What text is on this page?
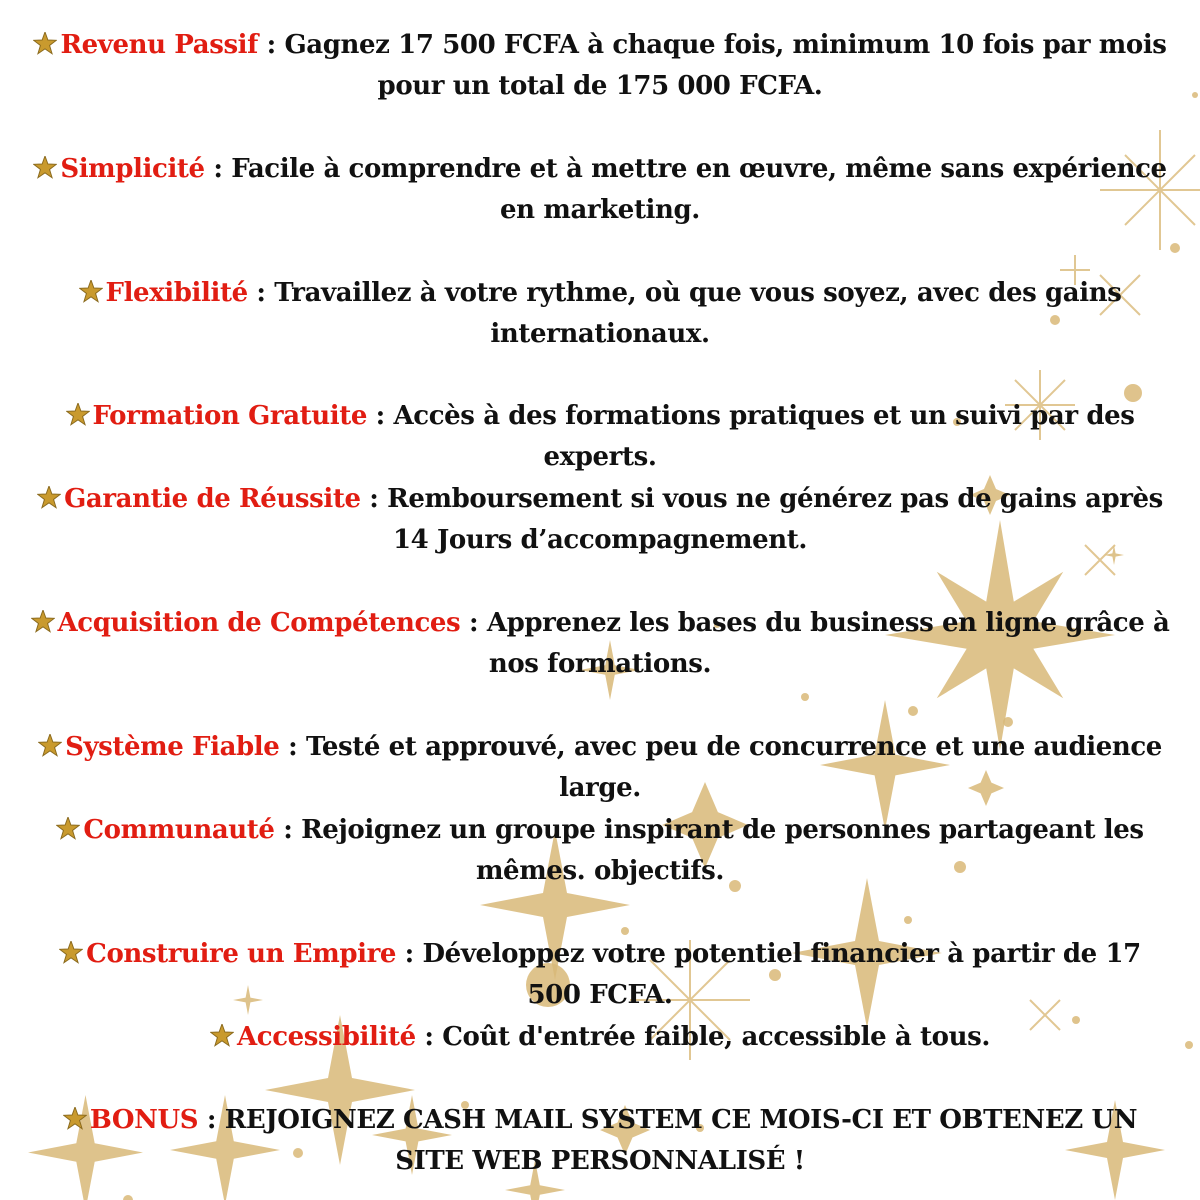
Revenu Passif : Gagnez 17 500 FCFA à chaque fois, minimum 10 fois par mois pour un total de 175 000 FCFA.

Simplicité : Facile à comprendre et à mettre en œuvre, même sans expérience en marketing.

Flexibilité : Travaillez à votre rythme, où que vous soyez, avec des gains internationaux.

Formation Gratuite : Accès à des formations pratiques et un suivi par des experts.

Garantie de Réussite : Remboursement si vous ne générez pas de gains après 14 Jours d’accompagnement.

Acquisition de Compétences : Apprenez les bases du business en ligne grâce à nos formations.

Système Fiable : Testé et approuvé, avec peu de concurrence et une audience large.

Communauté : Rejoignez un groupe inspirant de personnes partageant les mêmes. objectifs.

Construire un Empire : Développez votre potentiel financier à partir de 17 500 FCFA.

Accessibilité : Coût d'entrée faible, accessible à tous.

BONUS : REJOIGNEZ CASH MAIL SYSTEM CE MOIS-CI ET OBTENEZ UN SITE WEB PERSONNALISÉ !
